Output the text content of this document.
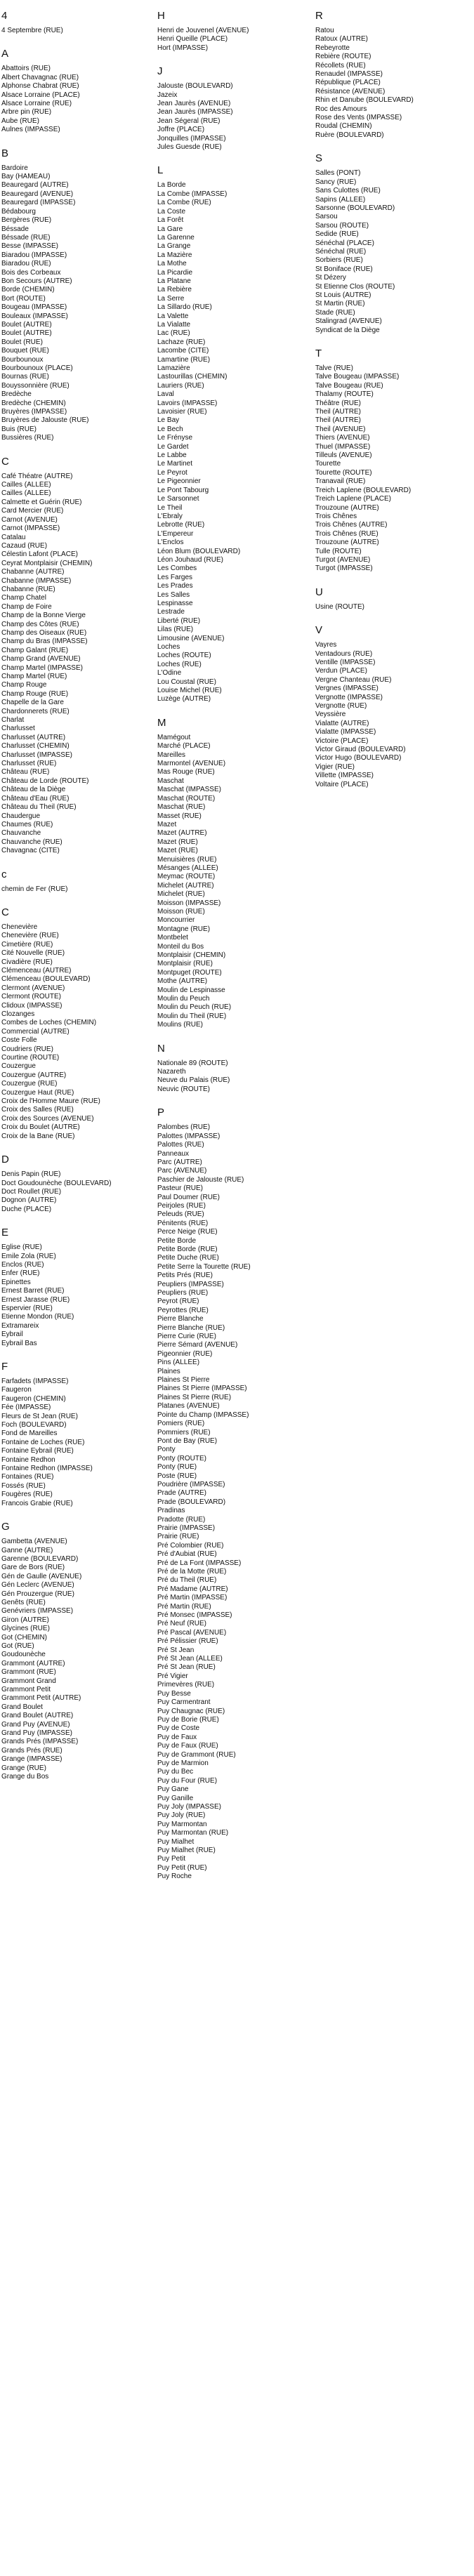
4
4 Septembre (RUE)
A
Abattoirs (RUE)
Albert Chavagnac (RUE)
Alphonse Chabrat (RUE)
Alsace Lorraine (PLACE)
Alsace Lorraine (RUE)
Arbre pin (RUE)
Aube (RUE)
Aulnes (IMPASSE)
B
Bardoire
Bay (HAMEAU)
Beauregard (AUTRE)
Beauregard (AVENUE)
Beauregard (IMPASSE)
Bédabourg
Bergères (RUE)
Béssade
Béssade (RUE)
Besse (IMPASSE)
Biaradou (IMPASSE)
Biaradou (RUE)
Bois des Corbeaux
Bon Secours (AUTRE)
Borde (CHEMIN)
Bort (ROUTE)
Bougeau (IMPASSE)
Bouleaux (IMPASSE)
Boulet (AUTRE)
Boulet (AUTRE)
Boulet (RUE)
Bouquet (RUE)
Bourbounoux
Bourbounoux (PLACE)
Bournas (RUE)
Bouyssonnière (RUE)
Bredèche
Bredèche (CHEMIN)
Bruyères (IMPASSE)
Bruyères de Jalouste (RUE)
Buis (RUE)
Bussières (RUE)
C
Café Théatre (AUTRE)
Cailles (ALLÉE)
Cailles (ALLÉE)
Calmette et Guérin (RUE)
Card Mercier (RUE)
Carnot (AVENUE)
Carnot (IMPASSE)
Catalau
Cazaud (RUE)
Célestin Lafont (PLACE)
Ceyrat Montplaisir (CHEMIN)
Chabanne (AUTRE)
Chabanne (IMPASSE)
Chabanne (RUE)
Champ Chatel
Champ de Foire
Champ de la Bonne Vierge
Champ des Côtes (RUE)
Champ des Oiseaux (RUE)
Champ du Bras (IMPASSE)
Champ Galant (RUE)
Champ Grand (AVENUE)
Champ Martel (IMPASSE)
Champ Martel (RUE)
Champ Rouge
Champ Rouge (RUE)
Chapelle de la Gare
Chardonnerets (RUE)
Charlat
Charlusset
Charlusset (AUTRE)
Charlusset (CHEMIN)
Charlusset (IMPASSE)
Charlusset (RUE)
Château (RUE)
Château de Lorde (ROUTE)
Château de la Diège
Château d'Eau (RUE)
Château du Theil (RUE)
Chaudergue
Chaumes (RUE)
Chauvanche
Chauvanche (RUE)
Chavagnac (CITE)
c
chemin de Fer (RUE)
C
Chenevière
Chenevière (RUE)
Cimetière (RUE)
Cité Nouvelle (RUE)
Civadière (RUE)
Clémenceau (AUTRE)
Clémenceau (BOULEVARD)
Clermont (AVENUE)
Clermont (ROUTE)
Clidoux (IMPASSE)
Clozanges
Combes de Loches (CHEMIN)
Commercial (AUTRE)
Coste Folle
Coudriers (RUE)
Courtine (ROUTE)
Couzergue
Couzergue (AUTRE)
Couzergue (RUE)
Couzergue Haut (RUE)
Croix de l'Homme Maure (RUE)
Croix des Salles (RUE)
Croix des Sources (AVENUE)
Croix du Boulet (AUTRE)
Croix de la Bane (RUE)
D
Denis Papin (RUE)
Doct Goudounèche (BOULEVARD)
Doct Roullet (RUE)
Dognon (AUTRE)
Duche (PLACE)
E
Eglise (RUE)
Emile Zola (RUE)
Enclos (RUE)
Enfer (RUE)
Epinettes
Ernest Barret (RUE)
Ernest Jarasse (RUE)
Espervier (RUE)
Etienne Mondon (RUE)
Extramareix
Eybrail
Eybrail Bas
F
Farfadets (IMPASSE)
Faugeron
Faugeron (CHEMIN)
Fée (IMPASSE)
Fleurs de St Jean (RUE)
Foch (BOULEVARD)
Fond de Mareilles
Fontaine de Loches (RUE)
Fontaine Eybrail (RUE)
Fontaine Redhon
Fontaine Redhon (IMPASSE)
Fontaines (RUE)
Fossés (RUE)
Fougères (RUE)
Francois Grabie (RUE)
G
Gambetta (AVENUE)
Ganne (AUTRE)
Garenne (BOULEVARD)
Gare de Bors (RUE)
Gén de Gaulle (AVENUE)
Gén Leclerc (AVENUE)
Gén Prouzergue (RUE)
Genêts (RUE)
Genévriers (IMPASSE)
Giron (AUTRE)
Glycines (RUE)
Got (CHEMIN)
Got (RUE)
Goudounèche
Grammont (AUTRE)
Grammont (RUE)
Grammont Grand
Grammont Petit
Grammont Petit (AUTRE)
Grand Boulet
Grand Boulet (AUTRE)
Grand Puy (AVENUE)
Grand Puy (IMPASSE)
Grands Prés (IMPASSE)
Grands Prés (RUE)
Grange (IMPASSE)
Grange (RUE)
Grange du Bos
H
Henri de Jouvenel (AVENUE)
Henri Queille (PLACE)
Hort (IMPASSE)
J
Jalouste (BOULEVARD)
Jazeix
Jean Jaurès (AVENUE)
Jean Jaurès (IMPASSE)
Jean Ségeral (RUE)
Joffre (PLACE)
Jonquilles (IMPASSE)
Jules Guesde (RUE)
L
La Borde
La Combe (IMPASSE)
La Combe (RUE)
La Coste
La Forêt
La Gare
La Garenne
La Grange
La Mazière
La Mothe
La Picardie
La Platane
La Rebière
La Serre
La Sillardo (RUE)
La Valette
La Vialatte
Lac (RUE)
Lachaze (RUE)
Lacombe (CITE)
Lamartine (RUE)
Lamazière
Lastourillas (CHEMIN)
Lauriers (RUE)
Laval
Lavoirs (IMPASSE)
Lavoisier (RUE)
Le Bay
Le Bech
Le Frényse
Le Gardet
Le Labbe
Le Martinet
Le Peyrot
Le Pigeonnier
Le Pont Tabourg
Le Sarsonnet
Le Theil
L'Ebraly
Lebrotte (RUE)
L'Empereur
L'Enclos
Léon Blum (BOULEVARD)
Léon Jouhaud (RUE)
Les Combes
Les Farges
Les Prades
Les Salles
Lespinasse
Lestrade
Liberté (RUE)
Lilas (RUE)
Limousine (AVENUE)
Loches
Loches (ROUTE)
Loches (RUE)
L'Odine
Lou Coustal (RUE)
Louise Michel (RUE)
Luzège (AUTRE)
M
Mamégout
Marché (PLACE)
Mareilles
Marmontel (AVENUE)
Mas Rouge (RUE)
Maschat
Maschat (IMPASSE)
Maschat (ROUTE)
Maschat (RUE)
Masset (RUE)
Mazet
Mazet (AUTRE)
Mazet (RUE)
Mazet (RUE)
Menuisières (RUE)
Mésanges (ALLÉE)
Meymac (ROUTE)
Michelet (AUTRE)
Michelet (RUE)
Moisson (IMPASSE)
Moisson (RUE)
Moncourrier
Montagne (RUE)
Montbelet
Monteil du Bos
Montplaisir (CHEMIN)
Montplaisir (RUE)
Montpuget (ROUTE)
Mothe (AUTRE)
Moulin de Lespinasse
Moulin du Peuch
Moulin du Peuch (RUE)
Moulin du Theil (RUE)
Moulins (RUE)
N
Nationale 89 (ROUTE)
Nazareth
Neuve du Palais (RUE)
Neuvic (ROUTE)
P
Palombes (RUE)
Palottes (IMPASSE)
Palottes (RUE)
Panneaux
Parc (AUTRE)
Parc (AVENUE)
Paschier de Jalouste (RUE)
Pasteur (RUE)
Paul Doumer (RUE)
Peirjoles (RUE)
Peleuds (RUE)
Pénitents (RUE)
Perce Neige (RUE)
Petite Borde
Petite Borde (RUE)
Petite Duche (RUE)
Petite Serre la Tourette (RUE)
Petits Prés (RUE)
Peupliers (IMPASSE)
Peupliers (RUE)
Peyrot (RUE)
Peyrottes (RUE)
Pierre Blanche
Pierre Blanche (RUE)
Pierre Curie (RUE)
Pierre Sémard (AVENUE)
Pigeonnier (RUE)
Pins (ALLÉE)
Plaines
Plaines St Pierre
Plaines St Pierre (IMPASSE)
Plaines St Pierre (RUE)
Platanes (AVENUE)
Pointe du Champ (IMPASSE)
Pomiers (RUE)
Pommiers (RUE)
Pont de Bay (RUE)
Ponty
Ponty (ROUTE)
Ponty (RUE)
Poste (RUE)
Poudrière (IMPASSE)
Prade (AUTRE)
Prade (BOULEVARD)
Pradinas
Pradotte (RUE)
Prairie (IMPASSE)
Prairie (RUE)
Pré Colombier (RUE)
Pré d'Aubiat (RUE)
Pré de La Font (IMPASSE)
Pré de la Motte (RUE)
Pré du Theil (RUE)
Pré Madame (AUTRE)
Pré Martin (IMPASSE)
Pré Martin (RUE)
Pré Monsec (IMPASSE)
Pré Neuf (RUE)
Pré Pascal (AVENUE)
Pré Pélissier (RUE)
Pré St Jean
Pré St Jean (ALLÉE)
Pré St Jean (RUE)
Pré Vigier
Primevères (RUE)
Puy Besse
Puy Carmentrant
Puy Chaugnac (RUE)
Puy de Borie (RUE)
Puy de Coste
Puy de Faux
Puy de Faux (RUE)
Puy de Grammont (RUE)
Puy de Marmion
Puy du Bec
Puy du Four (RUE)
Puy Gane
Puy Ganille
Puy Joly (IMPASSE)
Puy Joly (RUE)
Puy Marmontan
Puy Marmontan (RUE)
Puy Mialhet
Puy Mialhet (RUE)
Puy Petit
Puy Petit (RUE)
Puy Roche
R
Ratou
Ratoux (AUTRE)
Rebeyrotte
Rebière (ROUTE)
Récollets (RUE)
Renaudel (IMPASSE)
République (PLACE)
Résistance (AVENUE)
Rhin et Danube (BOULEVARD)
Roc des Amours
Rose des Vents (IMPASSE)
Roudal (CHEMIN)
Ruère (BOULEVARD)
S
Salles (PONT)
Sancy (RUE)
Sans Culottes (RUE)
Sapins (ALLÉE)
Sarsonne (BOULEVARD)
Sarsou
Sarsou (ROUTE)
Sedide (RUE)
Sénéchal (PLACE)
Sénéchal (RUE)
Sorbiers (RUE)
St Boniface (RUE)
St Dézery
St Etienne Clos (ROUTE)
St Louis (AUTRE)
St Martin (RUE)
Stade (RUE)
Stalingrad (AVENUE)
Syndicat de la Diège
T
Talve (RUE)
Talve Bougeau (IMPASSE)
Talve Bougeau (RUE)
Thalamy (ROUTE)
Théâtre (RUE)
Theil (AUTRE)
Theil (AUTRE)
Theil (AVENUE)
Thiers (AVENUE)
Thuel (IMPASSE)
Tilleuls (AVENUE)
Tourette
Tourette (ROUTE)
Tranavail (RUE)
Treich Laplene (BOULEVARD)
Treich Laplene (PLACE)
Trouzoune (AUTRE)
Trois Chênes
Trois Chênes (AUTRE)
Trois Chênes (RUE)
Trouzoune (AUTRE)
Tulle (ROUTE)
Turgot (AVENUE)
Turgot (IMPASSE)
U
Usine (ROUTE)
V
Vayres
Ventadours (RUE)
Ventille (IMPASSE)
Verdun (PLACE)
Vergne Chanteau (RUE)
Vergnes (IMPASSE)
Vergnotte (IMPASSE)
Vergnotte (RUE)
Veyssière
Vialatte (AUTRE)
Vialatte (IMPASSE)
Victoire (PLACE)
Victor Giraud (BOULEVARD)
Victor Hugo (BOULEVARD)
Vigier (RUE)
Villette (IMPASSE)
Voltaire (PLACE)
